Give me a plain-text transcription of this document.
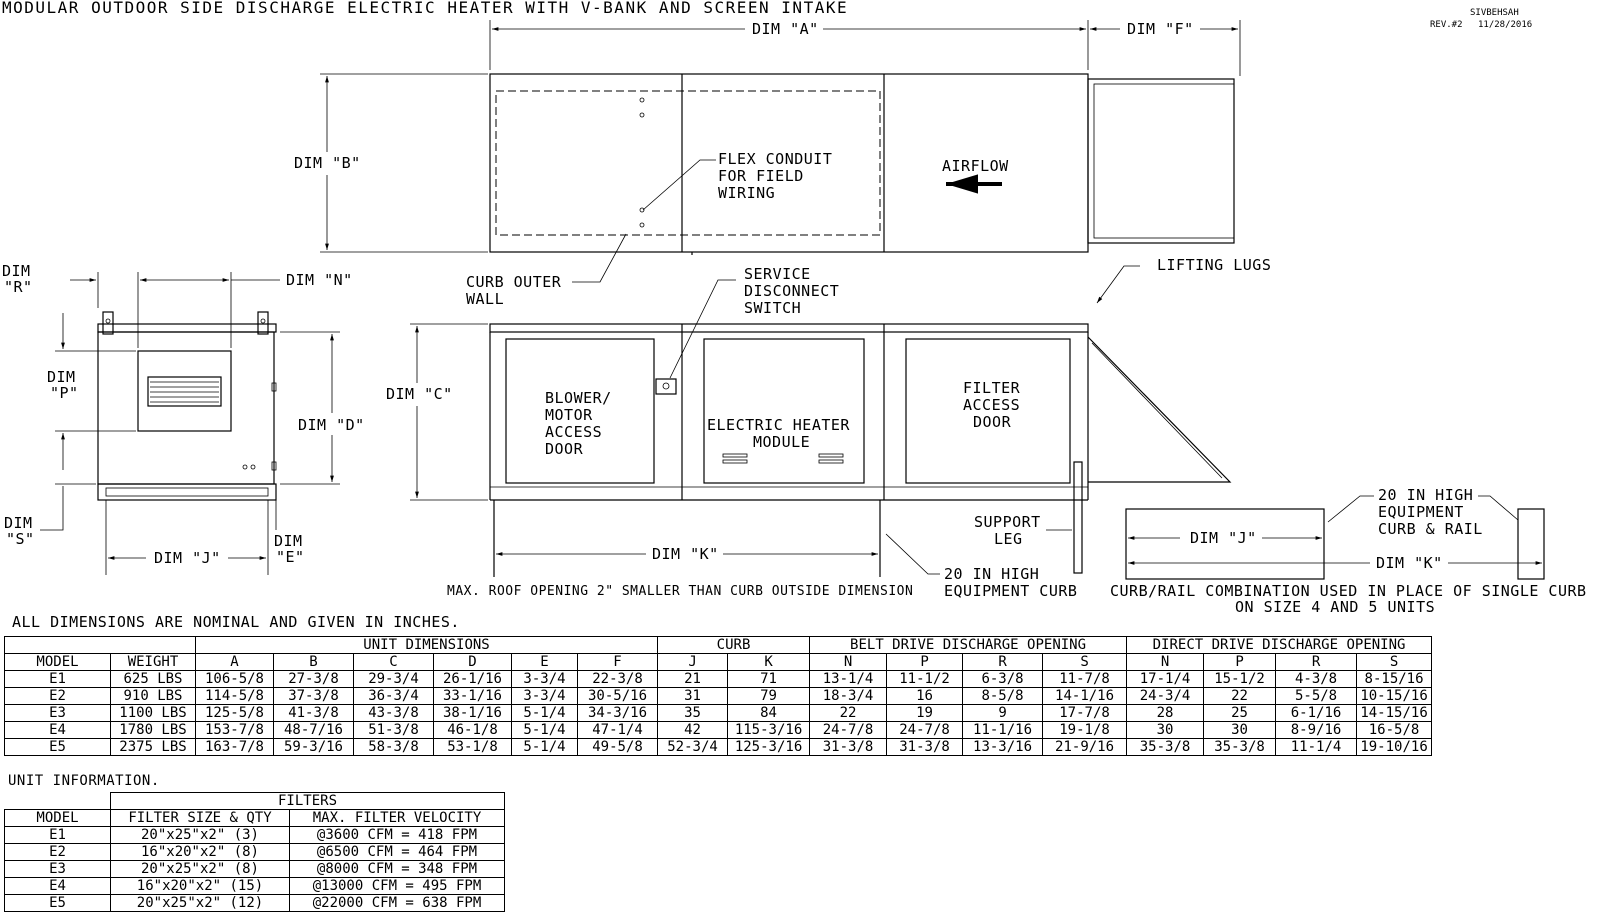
MODULAR OUTDOOR SIDE DISCHARGE ELECTRIC HEATER WITH V-BANK AND SCREEN INTAKE	SIVBEHSAH
REV.#2 11/28/2016
DIM "A"	DIM "F"
DIM "B"	FLEX CONDUIT
FOR FIELD
WIRING
AIRFLOW
CURB OUTER
WALL
DIM "C"	BLOWER/
MOTOR
ACCESS
DOOR
ELECTRIC HEATER
MODULE
FILTER
ACCESS
DOOR
SERVICE
DISCONNECT
SWITCH
LIFTING LUGS
SUPPORT
LEG
DIM "K"
20 IN HIGH
EQUIPMENT CURB
MAX. ROOF OPENING 2" SMALLER THAN CURB OUTSIDE DIMENSION
DIM "N"
DIM
"R"
DIM
"P"
DIM "D"
DIM
"S"
DIM "J"
DIM
"E"
DIM "J"
DIM "K"
20 IN HIGH
EQUIPMENT
CURB & RAIL
CURB/RAIL COMBINATION USED IN PLACE OF SINGLE CURB
ON SIZE 4 AND 5 UNITS
ALL DIMENSIONS ARE NOMINAL AND GIVEN IN INCHES.
		UNIT DIMENSIONS						CURB		BELT DRIVE DISCHARGE OPENING				DIRECT DRIVE DISCHARGE OPENING			
MODEL	WEIGHT	A	B	C	D	E	F	J	K	N	P	R	S	N	P	R	S
E1	625 LBS	106-5/8	27-3/8	29-3/4	26-1/16	3-3/4	22-3/8	21	71	13-1/4	11-1/2	6-3/8	11-7/8	17-1/4	15-1/2	4-3/8	8-15/16
E2	910 LBS	114-5/8	37-3/8	36-3/4	33-1/16	3-3/4	30-5/16	31	79	18-3/4	16	8-5/8	14-1/16	24-3/4	22	5-5/8	10-15/16
E3	1100 LBS	125-5/8	41-3/8	43-3/8	38-1/16	5-1/4	34-3/16	35	84	22	19	9	17-7/8	28	25	6-1/16	14-15/16
E4	1780 LBS	153-7/8	48-7/16	51-3/8	46-1/8	5-1/4	47-1/4	42	115-3/16	24-7/8	24-7/8	11-1/16	19-1/8	30	30	8-9/16	16-5/8
E5	2375 LBS	163-7/8	59-3/16	58-3/8	53-1/8	5-1/4	49-5/8	52-3/4	125-3/16	31-3/8	31-3/8	13-3/16	21-9/16	35-3/8	35-3/8	11-1/4	19-10/16
UNIT INFORMATION.
	FILTERS	
MODEL	FILTER SIZE & QTY	MAX. FILTER VELOCITY
E1	20"x25"x2" (3)	@3600 CFM = 418 FPM
E2	16"x20"x2" (8)	@6500 CFM = 464 FPM
E3	20"x25"x2" (8)	@8000 CFM = 348 FPM
E4	16"x20"x2" (15)	@13000 CFM = 495 FPM
E5	20"x25"x2" (12)	@22000 CFM = 638 FPM
